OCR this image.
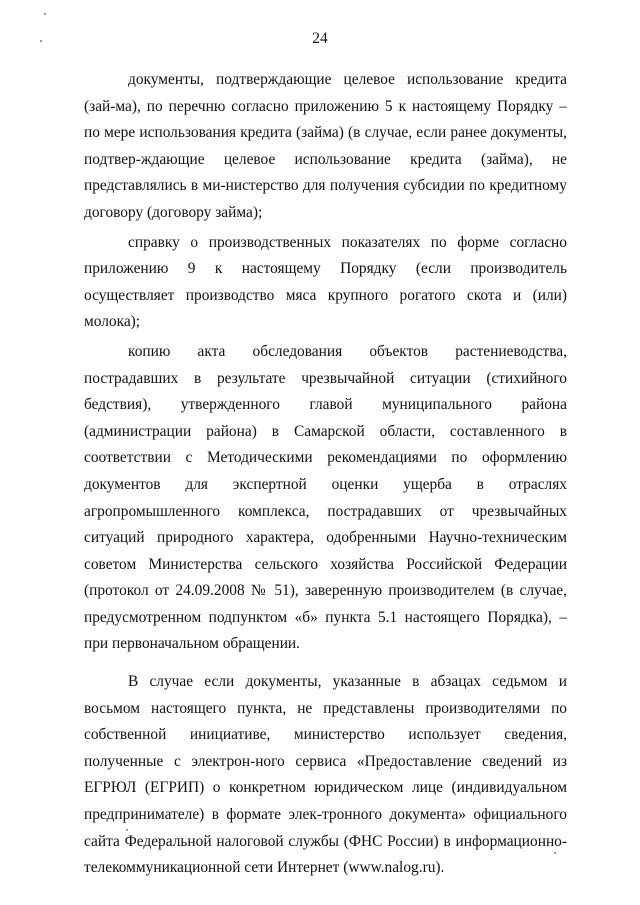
24

документы, подтверждающие целевое использование кредита (зай-ма), по перечню согласно приложению 5 к настоящему Порядку – по мере использования кредита (займа) (в случае, если ранее документы, подтвер-ждающие целевое использование кредита (займа), не представлялись в ми-нистерство для получения субсидии по кредитному договору (договору займа);

справку о производственных показателях по форме согласно приложению 9 к настоящему Порядку (если производитель осуществляет производство мяса крупного рогатого скота и (или) молока);

копию акта обследования объектов растениеводства, пострадавших в результате чрезвычайной ситуации (стихийного бедствия), утвержденного главой муниципального района (администрации района) в Самарской области, составленного в соответствии с Методическими рекомендациями по оформлению документов для экспертной оценки ущерба в отраслях агропромышленного комплекса, пострадавших от чрезвычайных ситуаций природного характера, одобренными Научно-техническим советом Министерства сельского хозяйства Российской Федерации (протокол от 24.09.2008 № 51), заверенную производителем (в случае, предусмотренном подпунктом «б» пункта 5.1 настоящего Порядка), – при первоначальном обращении.

В случае если документы, указанные в абзацах седьмом и восьмом настоящего пункта, не представлены производителями по собственной инициативе, министерство использует сведения, полученные с электрон-ного сервиса «Предоставление сведений из ЕГРЮЛ (ЕГРИП) о конкретном юридическом лице (индивидуальном предпринимателе) в формате элек-тронного документа» официального сайта Федеральной налоговой службы (ФНС России) в информационно-телекоммуникационной сети Интернет (www.nalog.ru).
